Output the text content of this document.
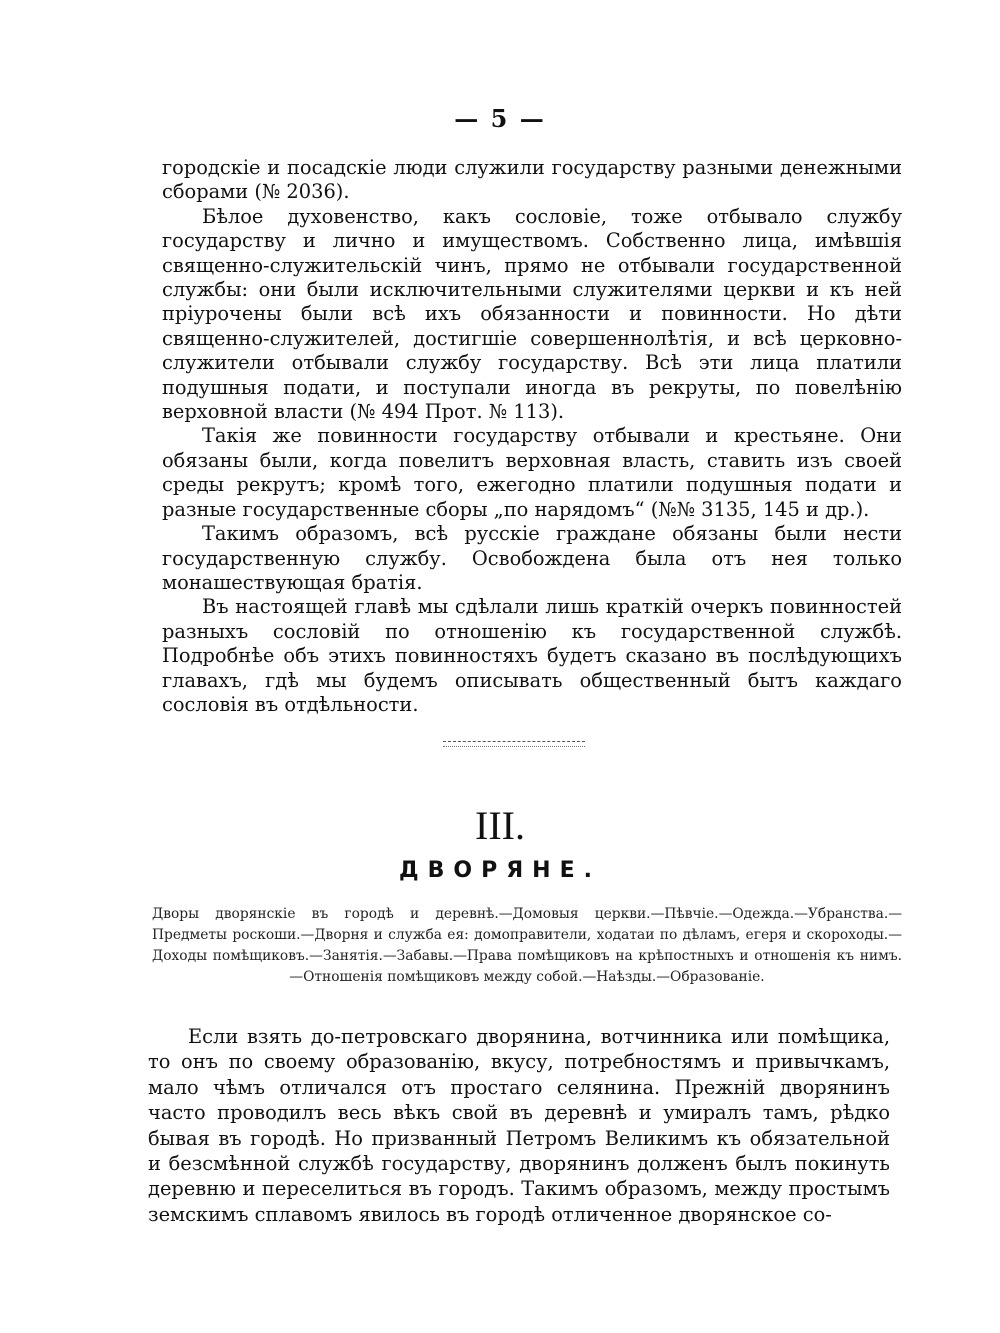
— 5 —

городскіе и посадскіе люди служили государству разными денежными сборами (№ 2036).

Бѣлое духовенство, какъ сословіе, тоже отбывало службу государству и лично и имуществомъ. Собственно лица, имѣвшія священно-служительскій чинъ, прямо не отбывали государственной службы: они были исключительными служителями церкви и къ ней пріурочены были всѣ ихъ обязанности и повинности. Но дѣти священно-служителей, достигшіе совершеннолѣтія, и всѣ церковно-служители отбывали службу государству. Всѣ эти лица платили подушныя подати, и поступали иногда въ рекруты, по повелѣнію верховной власти (№ 494 Прот. № 113).

Такія же повинности государству отбывали и крестьяне. Они обязаны были, когда повелитъ верховная власть, ставить изъ своей среды рекрутъ; кромѣ того, ежегодно платили подушныя подати и разные государственные сборы „по нарядомъ“ (№№ 3135, 145 и др.).

Такимъ образомъ, всѣ русскіе граждане обязаны были нести государственную службу. Освобождена была отъ нея только монашествующая братія.

Въ настоящей главѣ мы сдѣлали лишь краткій очеркъ повинностей разныхъ сословій по отношенію къ государственной службѣ. Подробнѣе объ этихъ повинностяхъ будетъ сказано въ послѣдующихъ главахъ, гдѣ мы будемъ описывать общественный бытъ каждаго сословія въ отдѣльности.

III.
ДВОРЯНЕ.
Дворы дворянскіе въ городѣ и деревнѣ.—Домовыя церкви.—Пѣвчіе.—Одежда.—Убранства.—Предметы роскоши.—Дворня и служба ея: домоправители, ходатаи по дѣламъ, егеря и скороходы.—Доходы помѣщиковъ.—Занятія.—Забавы.—Права помѣщиковъ на крѣпостныхъ и отношенія къ нимъ.—Отношенія помѣщиковъ между собой.—Наѣзды.—Образованіе.

Если взять до-петровскаго дворянина, вотчинника или помѣщика, то онъ по своему образованію, вкусу, потребностямъ и привычкамъ, мало чѣмъ отличался отъ простаго селянина. Прежній дворянинъ часто проводилъ весь вѣкъ свой въ деревнѣ и умиралъ тамъ, рѣдко бывая въ городѣ. Но призванный Петромъ Великимъ къ обязательной и безсмѣнной службѣ государству, дворянинъ долженъ былъ покинуть деревню и переселиться въ городъ. Такимъ образомъ, между простымъ земскимъ сплавомъ явилось въ городѣ отличенное дворянское со-
